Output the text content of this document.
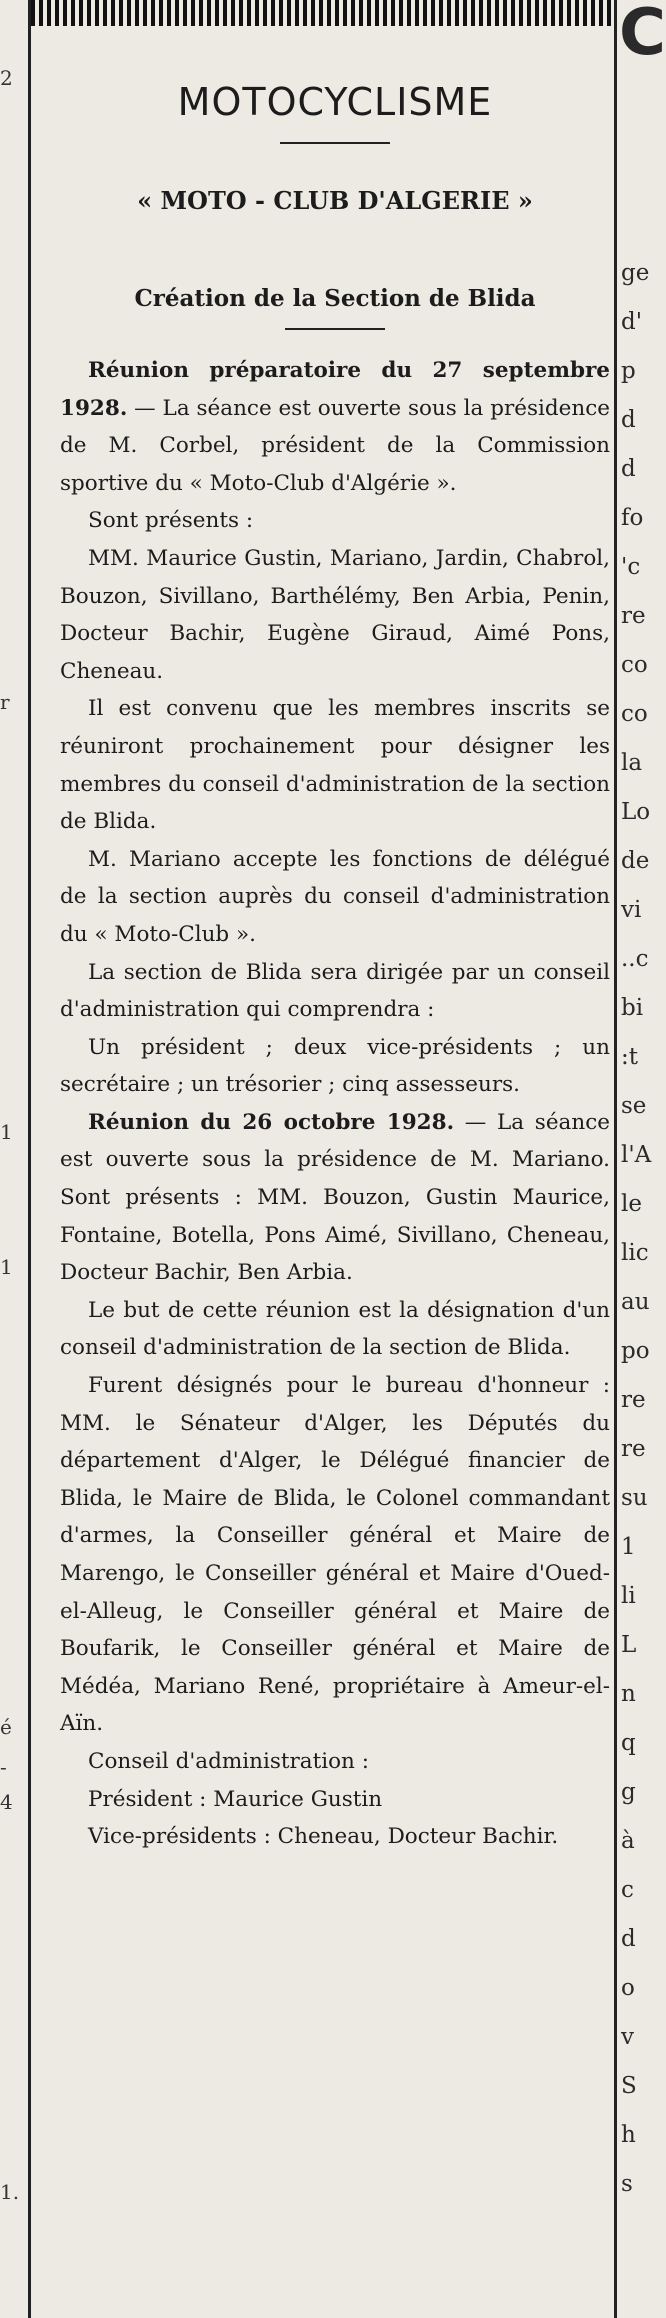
2
r
1
1
é
-
4
1.
MOTOCYCLISME
« MOTO - CLUB D'ALGERIE »
Création de la Section de Blida

Réunion préparatoire du 27 septembre 1928. — La séance est ouverte sous la présidence de M. Corbel, président de la Commission sportive du « Moto-Club d'Algérie ».

Sont présents :

MM. Maurice Gustin, Mariano, Jardin, Chabrol, Bouzon, Sivillano, Barthélémy, Ben Arbia, Penin, Docteur Bachir, Eugène Giraud, Aimé Pons, Cheneau.

Il est convenu que les membres inscrits se réuniront prochainement pour désigner les membres du conseil d'administration de la section de Blida.

M. Mariano accepte les fonctions de délégué de la section auprès du conseil d'administration du « Moto-Club ».

La section de Blida sera dirigée par un conseil d'administration qui comprendra :

Un président ; deux vice-présidents ; un secrétaire ; un trésorier ; cinq assesseurs.

Réunion du 26 octobre 1928. — La séance est ouverte sous la présidence de M. Mariano. Sont présents : MM. Bouzon, Gustin Maurice, Fontaine, Botella, Pons Aimé, Sivillano, Cheneau, Docteur Bachir, Ben Arbia.

Le but de cette réunion est la désignation d'un conseil d'administration de la section de Blida.

Furent désignés pour le bureau d'honneur : MM. le Sénateur d'Alger, les Députés du département d'Alger, le Délégué financier de Blida, le Maire de Blida, le Colonel commandant d'armes, la Conseiller général et Maire de Marengo, le Conseiller général et Maire d'Oued-el-Alleug, le Conseiller général et Maire de Boufarik, le Conseiller général et Maire de Médéa, Mariano René, propriétaire à Ameur-el-Aïn.

Conseil d'administration :

Président : Maurice Gustin

Vice-présidents : Cheneau, Docteur Bachir.

C
ge
d'
p
d
d
fo
'c
re
co
co
la
Lo
de
vi
..c
bi
:t
se
l'A
le
lic
au
po
re
re
su
1
li
L
n
q
g
à
c
d
o
v
S
h
s
